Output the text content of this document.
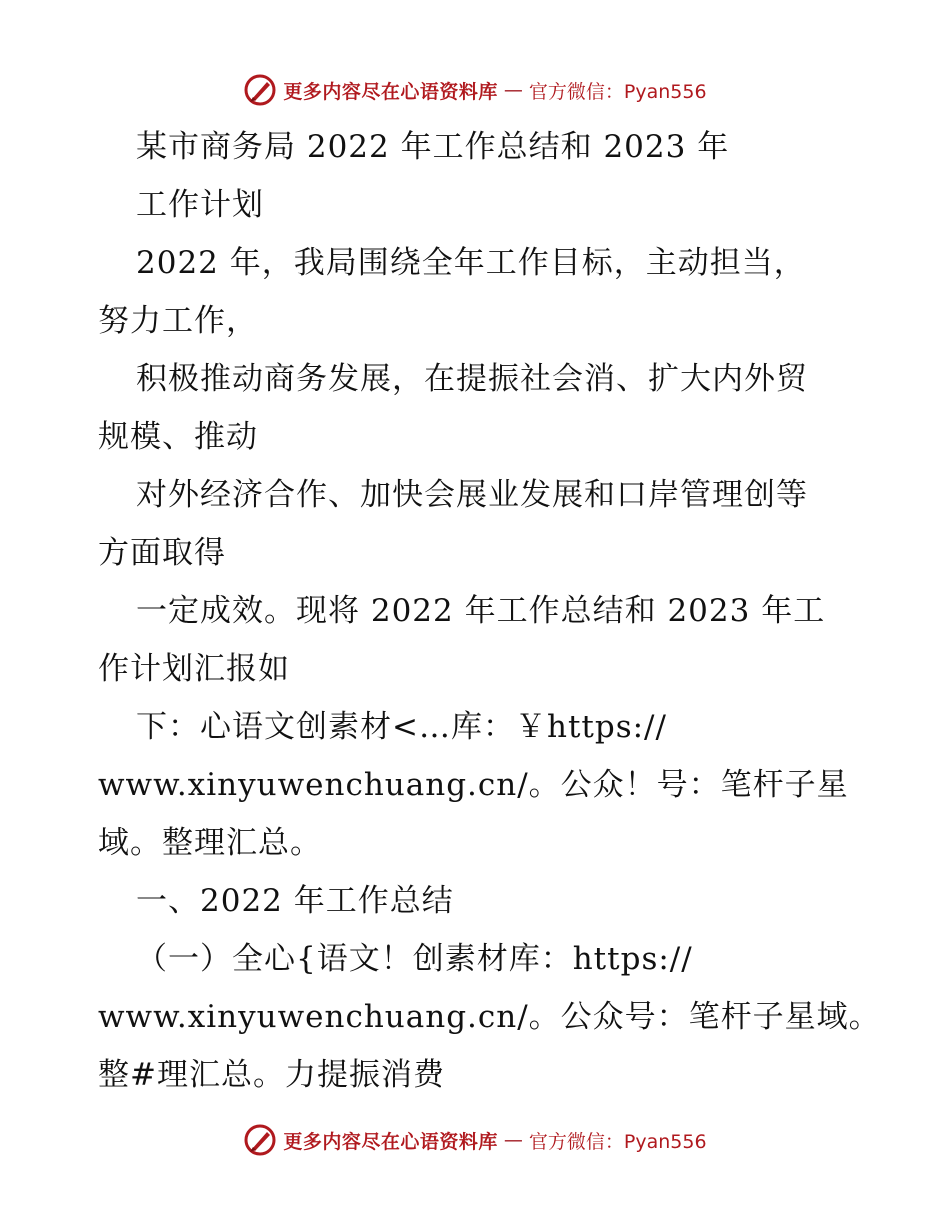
更多内容尽在心语资料库 — 官方微信：Pyan556
某市商务局 2022 年工作总结和 2023 年
工作计划
2022 年，我局围绕全年工作目标，主动担当，
努力工作，
积极推动商务发展，在提振社会消、扩大内外贸
规模、推动
对外经济合作、加快会展业发展和口岸管理创等
方面取得
一定成效。现将 2022 年工作总结和 2023 年工
作计划汇报如
下：心语文创素材<…库：￥https://
www.xinyuwenchuang.cn/。公众！号：笔杆子星
域。整理汇总。
一、2022 年工作总结
（一）全心{语文！创素材库：https://
www.xinyuwenchuang.cn/。公众号：笔杆子星域。
整#理汇总。力提振消费
更多内容尽在心语资料库 — 官方微信：Pyan556
